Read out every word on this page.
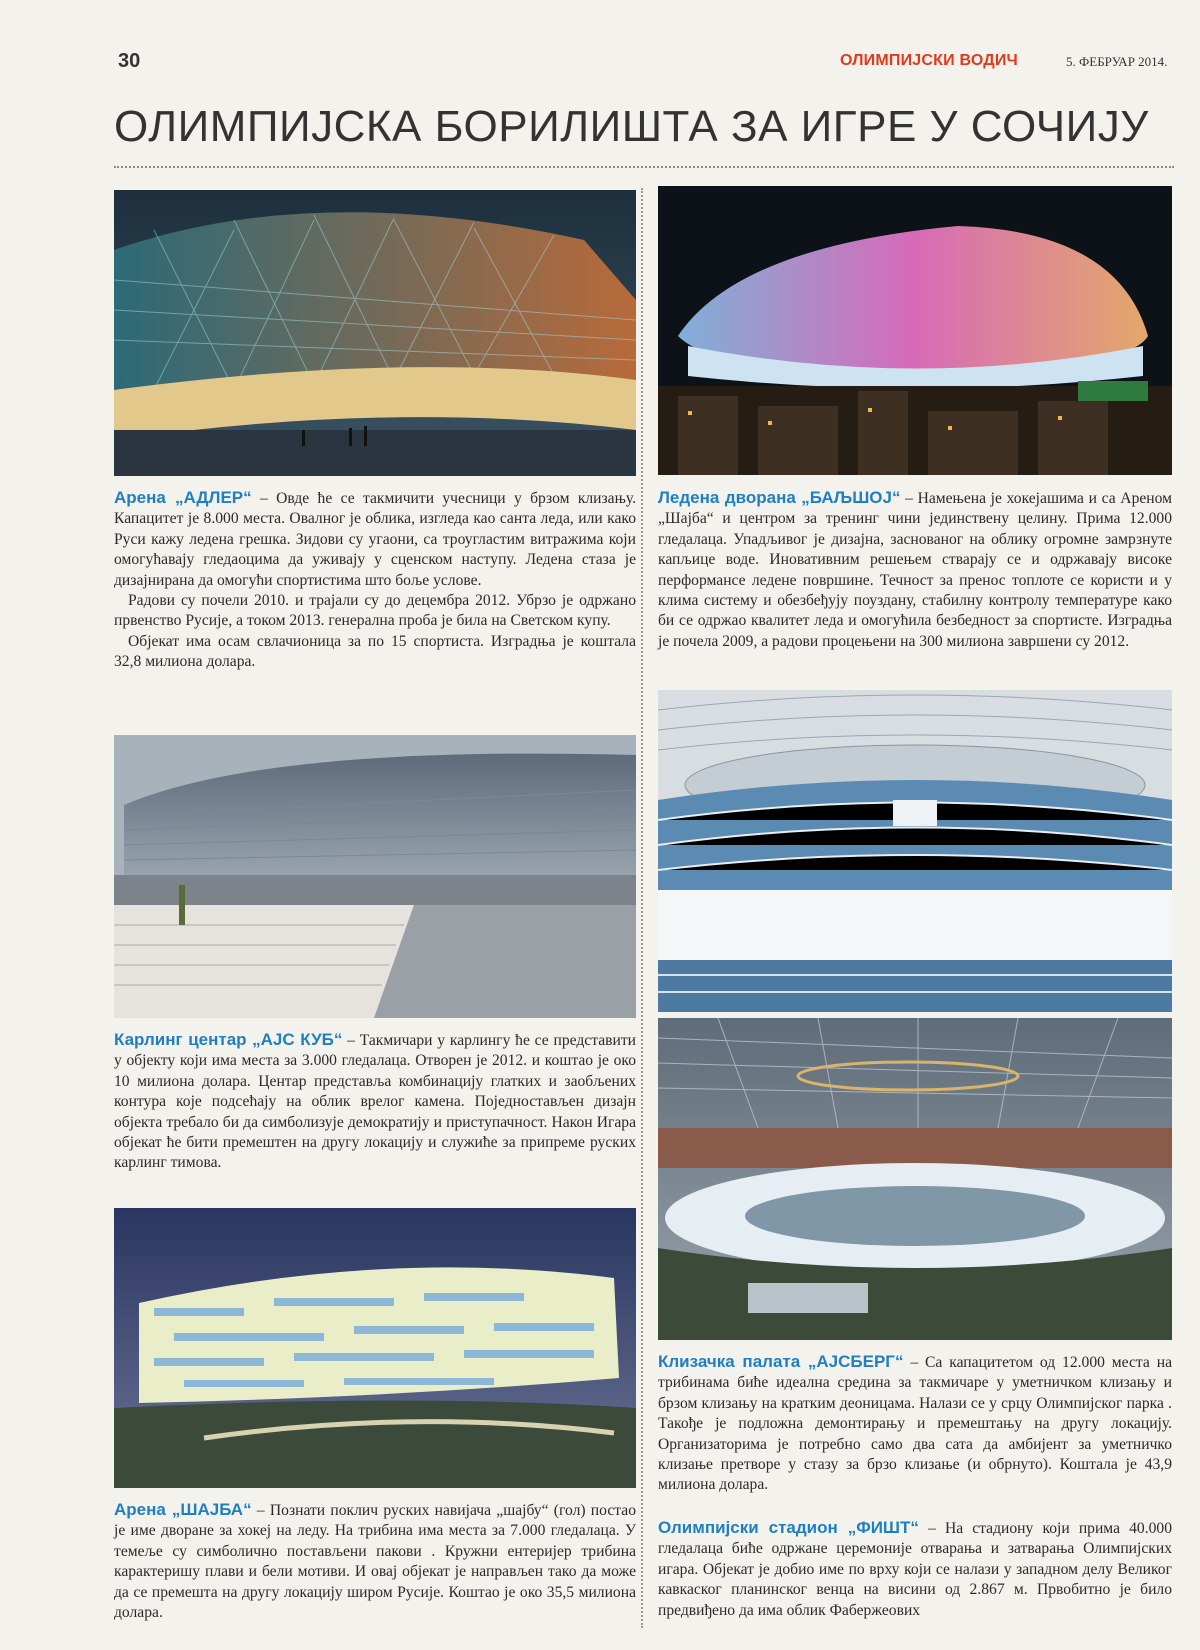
30	ОЛИМПИЈСКИ ВОДИЧ	5. ФЕБРУАР 2014.
ОЛИМПИЈСКА БОРИЛИШТА ЗА ИГРЕ У СОЧИЈУ

Арена „АДЛЕР“ – Овде ће се такмичити учесници у брзом клизању. Капацитет је 8.000 места. Овалног је облика, изгледа као санта леда, или како Руси кажу ледена грешка. Зидови су угаони, са троугластим витражима који омогућавају гледаоцима да уживају у сценском наступу. Ледена стаза је дизајнирана да омогући спортистима што боље услове.

Радови су почели 2010. и трајали су до децембра 2012. Убрзо је одржано првенство Русије, а током 2013. генерална проба је била на Светском купу.

Објекат има осам свлачионица за по 15 спортиста. Изградња је коштала 32,8 милиона долара.

Карлинг центар „АЈС КУБ“ – Такмичари у карлингу ће се представити у објекту који има места за 3.000 гледалаца. Отворен је 2012. и коштао је око 10 милиона долара. Центар представља комбинацију глатких и заобљених контура које подсећају на облик врелог камена. Поједностављен дизајн објекта требало би да симболизује демократију и приступачност. Након Игара објекат ће бити премештен на другу локацију и служиће за припреме руских карлинг тимова.

Арена „ШАЈБА“ – Познати поклич руских навијача „шајбу“ (гол) постао је име дворане за хокеј на леду. На трибина има места за 7.000 гледалаца. У темеље су симболично постављени пакови . Кружни ентеријер трибина карактеришу плави и бели мотиви. И овај објекат је направљен тако да може да се премешта на другу локацију широм Русије. Коштао је око 35,5 милиона долара.

Ледена дворана „БАЉШОЈ“ – Намењена је хокејашима и са Ареном „Шајба“ и центром за тренинг чини јединствену целину. Прима 12.000 гледалаца. Упадљивог је дизајна, заснованог на облику огромне замрзнуте капљице воде. Иновативним решењем стварају се и одржавају високе перформансе ледене површине. Течност за пренос топлоте се користи и у клима систему и обезбеђују поуздану, стабилну контролу температуре како би се одржао квалитет леда и омогућила безбедност за спортисте. Изградња је почела 2009, а радови процењени на 300 милиона завршени су 2012.

Клизачка палата „АЈСБЕРГ“ – Са капацитетом од 12.000 места на трибинама биће идеална средина за такмичаре у уметничком клизању и брзом клизању на кратким деоницама. Налази се у срцу Олимпијског парка . Такође је подложна демонтирању и премештању на другу локацију. Организаторима је потребно само два сата да амбијент за уметничко клизање претворе у стазу за брзо клизање (и обрнуто). Коштала је 43,9 милиона долара.

Олимпијски стадион „ФИШТ“ – На стадиону који прима 40.000 гледалаца биће одржане церемоније отварања и затварања Олимпијских игара. Објекат је добио име по врху који се налази у западном делу Великог кавкаског планинског венца на висини од 2.867 м. Првобитно је било предвиђено да има облик Фабержеових
